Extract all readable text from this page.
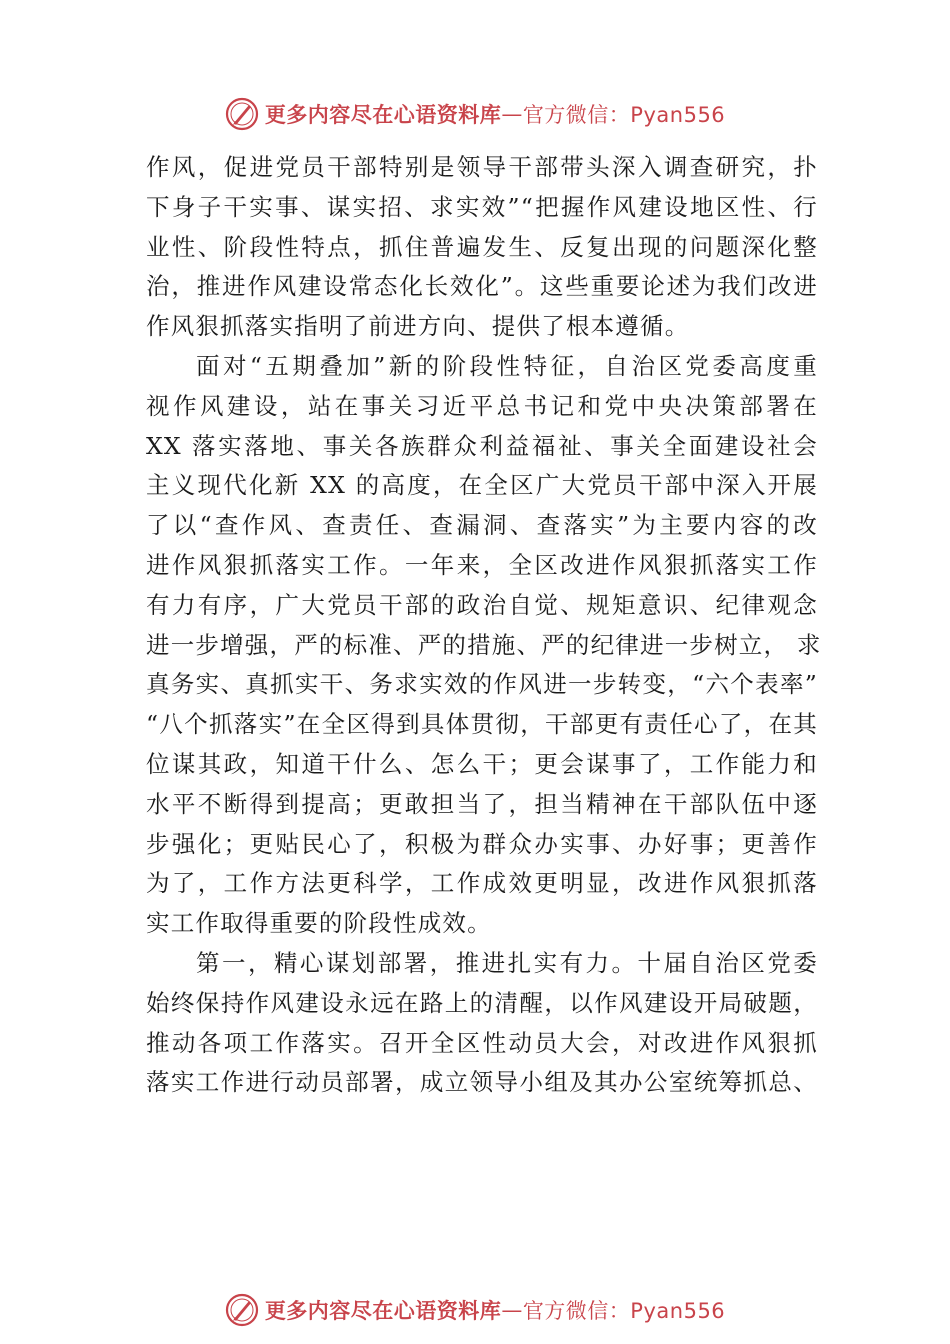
更多内容尽在心语资料库 — 官方微信：Pyan556
作风，促进党员干部特别是领导干部带头深入调查研究，扑
下身子干实事、谋实招、求实效”“把握作风建设地区性、行
业性、阶段性特点，抓住普遍发生、反复出现的问题深化整
治，推进作风建设常态化长效化”。这些重要论述为我们改进
作风狠抓落实指明了前进方向、提供了根本遵循。
面对“五期叠加”新的阶段性特征，自治区党委高度重
视作风建设，站在事关习近平总书记和党中央决策部署在
XX 落实落地、事关各族群众利益福祉、事关全面建设社会
主义现代化新 XX 的高度，在全区广大党员干部中深入开展
了以“查作风、查责任、查漏洞、查落实”为主要内容的改
进作风狠抓落实工作。一年来，全区改进作风狠抓落实工作
有力有序，广大党员干部的政治自觉、规矩意识、纪律观念
进一步增强，严的标准、严的措施、严的纪律进一步树立， 求
真务实、真抓实干、务求实效的作风进一步转变，“六个表率”
“八个抓落实”在全区得到具体贯彻，干部更有责任心了，在其
位谋其政，知道干什么、怎么干；更会谋事了，工作能力和
水平不断得到提高；更敢担当了，担当精神在干部队伍中逐
步强化；更贴民心了，积极为群众办实事、办好事；更善作
为了，工作方法更科学，工作成效更明显，改进作风狠抓落
实工作取得重要的阶段性成效。
第一，精心谋划部署，推进扎实有力。十届自治区党委
始终保持作风建设永远在路上的清醒，以作风建设开局破题，
推动各项工作落实。召开全区性动员大会，对改进作风狠抓
落实工作进行动员部署，成立领导小组及其办公室统筹抓总、
更多内容尽在心语资料库 — 官方微信：Pyan556
